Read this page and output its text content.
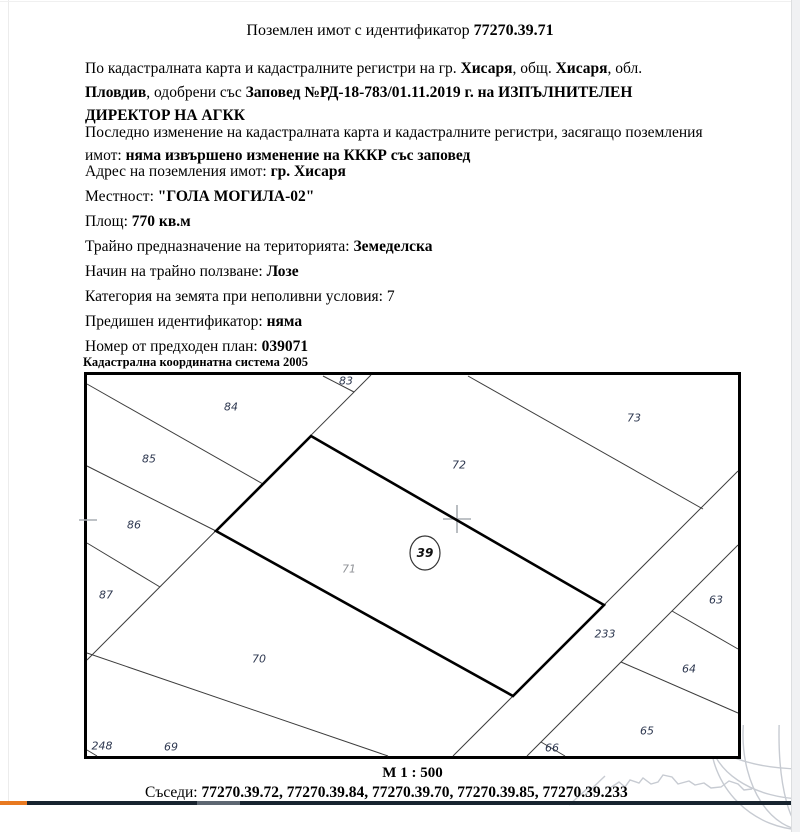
Поземлен имот с идентификатор 77270.39.71
По кадастралната карта и кадастралните регистри на гр. Хисаря, общ. Хисаря, обл.
Пловдив, одобрени със Заповед №РД-18-783/01.11.2019 г. на ИЗПЪЛНИТЕЛЕН
ДИРЕКТОР НА АГКК
Последно изменение на кадастралната карта и кадастралните регистри, засягащо поземления
имот: няма извършено изменение на КККР със заповед
Адрес на поземления имот: гр. Хисаря
Местност: "ГОЛА МОГИЛА-02"
Площ: 770 кв.м
Трайно предназначение на територията: Земеделска
Начин на трайно ползване: Лозе
Категория на земята при неполивни условия: 7
Предишен идентификатор: няма
Номер от предходен план: 039071
Кадастрална координатна система 2005
83
84
85
86
87
70
248	69
72
73
71
233
63
64
65
66
39
М 1 : 500
Съседи: 77270.39.72, 77270.39.84, 77270.39.70, 77270.39.85, 77270.39.233
